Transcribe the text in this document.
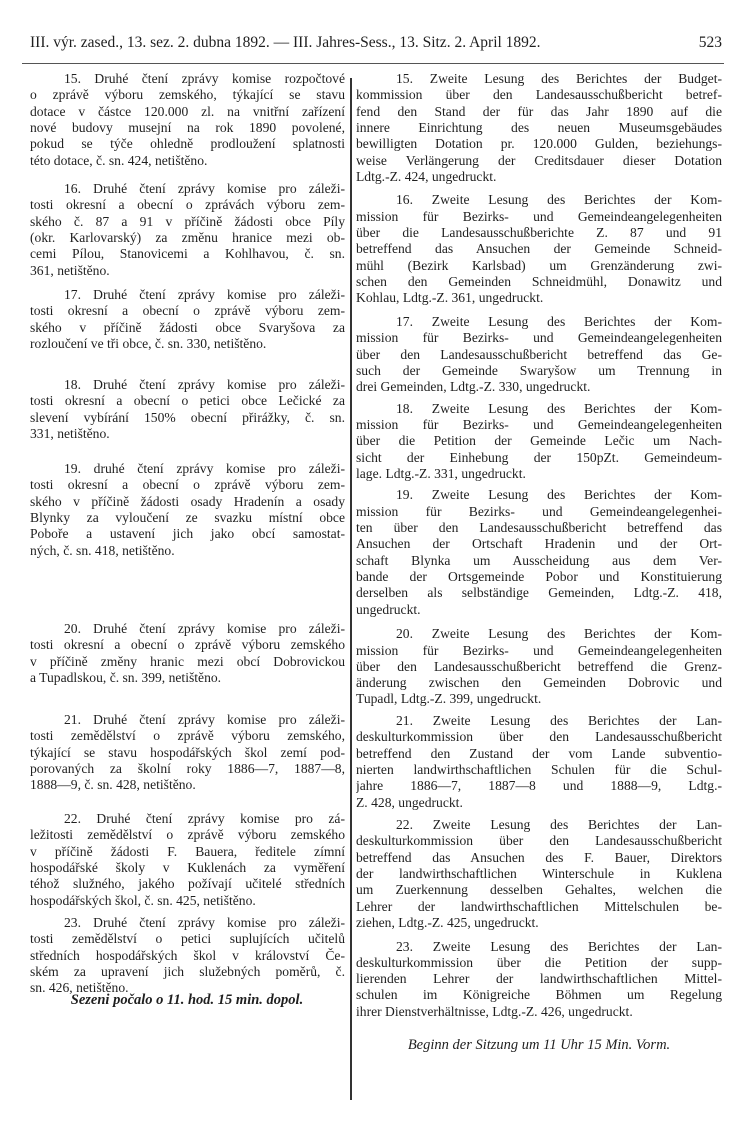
III. výr. zased., 13. sez. 2. dubna 1892. — III. Jahres-Sess., 13. Sitz. 2. April 1892.	523
15. Druhé čtení zprávy komise rozpočtové
o zprávě výboru zemského, týkající se stavu
dotace v částce 120.000 zl. na vnitřní zařízení
nové budovy musejní na rok 1890 povolené,
pokud se týče ohledně prodloužení splatnosti
této dotace, č. sn. 424, netištěno.
16. Druhé čtení zprávy komise pro záleži-
tosti okresní a obecní o zprávách výboru zem-
ského č. 87 a 91 v příčině žádosti obce Píly
(okr. Karlovarský) za změnu hranice mezi ob-
cemi Pílou, Stanovicemi a Kohlhavou, č. sn.
361, netištěno.
17. Druhé čtení zprávy komise pro záleži-
tosti okresní a obecní o zprávě výboru zem-
ského v příčině žádosti obce Svaryšova za
rozloučení ve tři obce, č. sn. 330, netištěno.
18. Druhé čtení zprávy komise pro záleži-
tosti okresní a obecní o petici obce Lečické za
slevení vybírání 150% obecní přirážky, č. sn.
331, netištěno.
19. druhé čtení zprávy komise pro záleži-
tosti okresní a obecní o zprávě výboru zem-
ského v příčině žádosti osady Hradenín a osady
Blynky za vyloučení ze svazku místní obce
Poboře a ustavení jich jako obcí samostat-
ných, č. sn. 418, netištěno.
20. Druhé čtení zprávy komise pro záleži-
tosti okresní a obecní o zprávě výboru zemského
v příčině změny hranic mezi obcí Dobrovickou
a Tupadlskou, č. sn. 399, netištěno.
21. Druhé čtení zprávy komise pro záleži-
tosti zemědělství o zprávě výboru zemského,
týkající se stavu hospodářských škol zemí pod-
porovaných za školní roky 1886—7, 1887—8,
1888—9, č. sn. 428, netištěno.
22. Druhé čtení zprávy komise pro zá-
ležitosti zemědělství o zprávě výboru zemského
v příčině žádosti F. Bauera, ředitele zímní
hospodářské školy v Kuklenách za vyměření
téhož služného, jakého požívají učitelé středních
hospodářských škol, č. sn. 425, netištěno.
23. Druhé čtení zprávy komise pro záleži-
tosti zemědělství o petici suplujících učitelů
středních hospodářských škol v království Če-
ském za upravení jich služebných poměrů, č.
sn. 426, netištěno.
15. Zweite Lesung des Berichtes der Budget-
kommission über den Landesausschußbericht betref-
fend den Stand der für das Jahr 1890 auf die
innere Einrichtung des neuen Museumsgebäudes
bewilligten Dotation pr. 120.000 Gulden, beziehungs-
weise Verlängerung der Creditsdauer dieser Dotation
Ldtg.-Z. 424, ungedruckt.
16. Zweite Lesung des Berichtes der Kom-
mission für Bezirks- und Gemeindeangelegenheiten
über die Landesausschußberichte Z. 87 und 91
betreffend das Ansuchen der Gemeinde Schneid-
mühl (Bezirk Karlsbad) um Grenzänderung zwi-
schen den Gemeinden Schneidmühl, Donawitz und
Kohlau, Ldtg.-Z. 361, ungedruckt.
17. Zweite Lesung des Berichtes der Kom-
mission für Bezirks- und Gemeindeangelegenheiten
über den Landesausschußbericht betreffend das Ge-
such der Gemeinde Swaryšow um Trennung in
drei Gemeinden, Ldtg.-Z. 330, ungedruckt.
18. Zweite Lesung des Berichtes der Kom-
mission für Bezirks- und Gemeindeangelegenheiten
über die Petition der Gemeinde Lečic um Nach-
sicht der Einhebung der 150pZt. Gemeindeum-
lage. Ldtg.-Z. 331, ungedruckt.
19. Zweite Lesung des Berichtes der Kom-
mission für Bezirks- und Gemeindeangelegenhei-
ten über den Landesausschußbericht betreffend das
Ansuchen der Ortschaft Hradenin und der Ort-
schaft Blynka um Ausscheidung aus dem Ver-
bande der Ortsgemeinde Pobor und Konstituierung
derselben als selbständige Gemeinden, Ldtg.-Z. 418,
ungedruckt.
20. Zweite Lesung des Berichtes der Kom-
mission für Bezirks- und Gemeindeangelegenheiten
über den Landesausschußbericht betreffend die Grenz-
änderung zwischen den Gemeinden Dobrovic und
Tupadl, Ldtg.-Z. 399, ungedruckt.
21. Zweite Lesung des Berichtes der Lan-
deskulturkommission über den Landesausschußbericht
betreffend den Zustand der vom Lande subventio-
nierten landwirthschaftlichen Schulen für die Schul-
jahre 1886—7, 1887—8 und 1888—9, Ldtg.-
Z. 428, ungedruckt.
22. Zweite Lesung des Berichtes der Lan-
deskulturkommission über den Landesausschußbericht
betreffend das Ansuchen des F. Bauer, Direktors
der landwirthschaftlichen Winterschule in Kuklena
um Zuerkennung desselben Gehaltes, welchen die
Lehrer der landwirthschaftlichen Mittelschulen be-
ziehen, Ldtg.-Z. 425, ungedruckt.
23. Zweite Lesung des Berichtes der Lan-
deskulturkommission über die Petition der supp-
lierenden Lehrer der landwirthschaftlichen Mittel-
schulen im Königreiche Böhmen um Regelung
ihrer Dienstverhältnisse, Ldtg.-Z. 426, ungedruckt.
Sezeni počalo o 11. hod. 15 min. dopol.
Beginn der Sitzung um 11 Uhr 15 Min. Vorm.
